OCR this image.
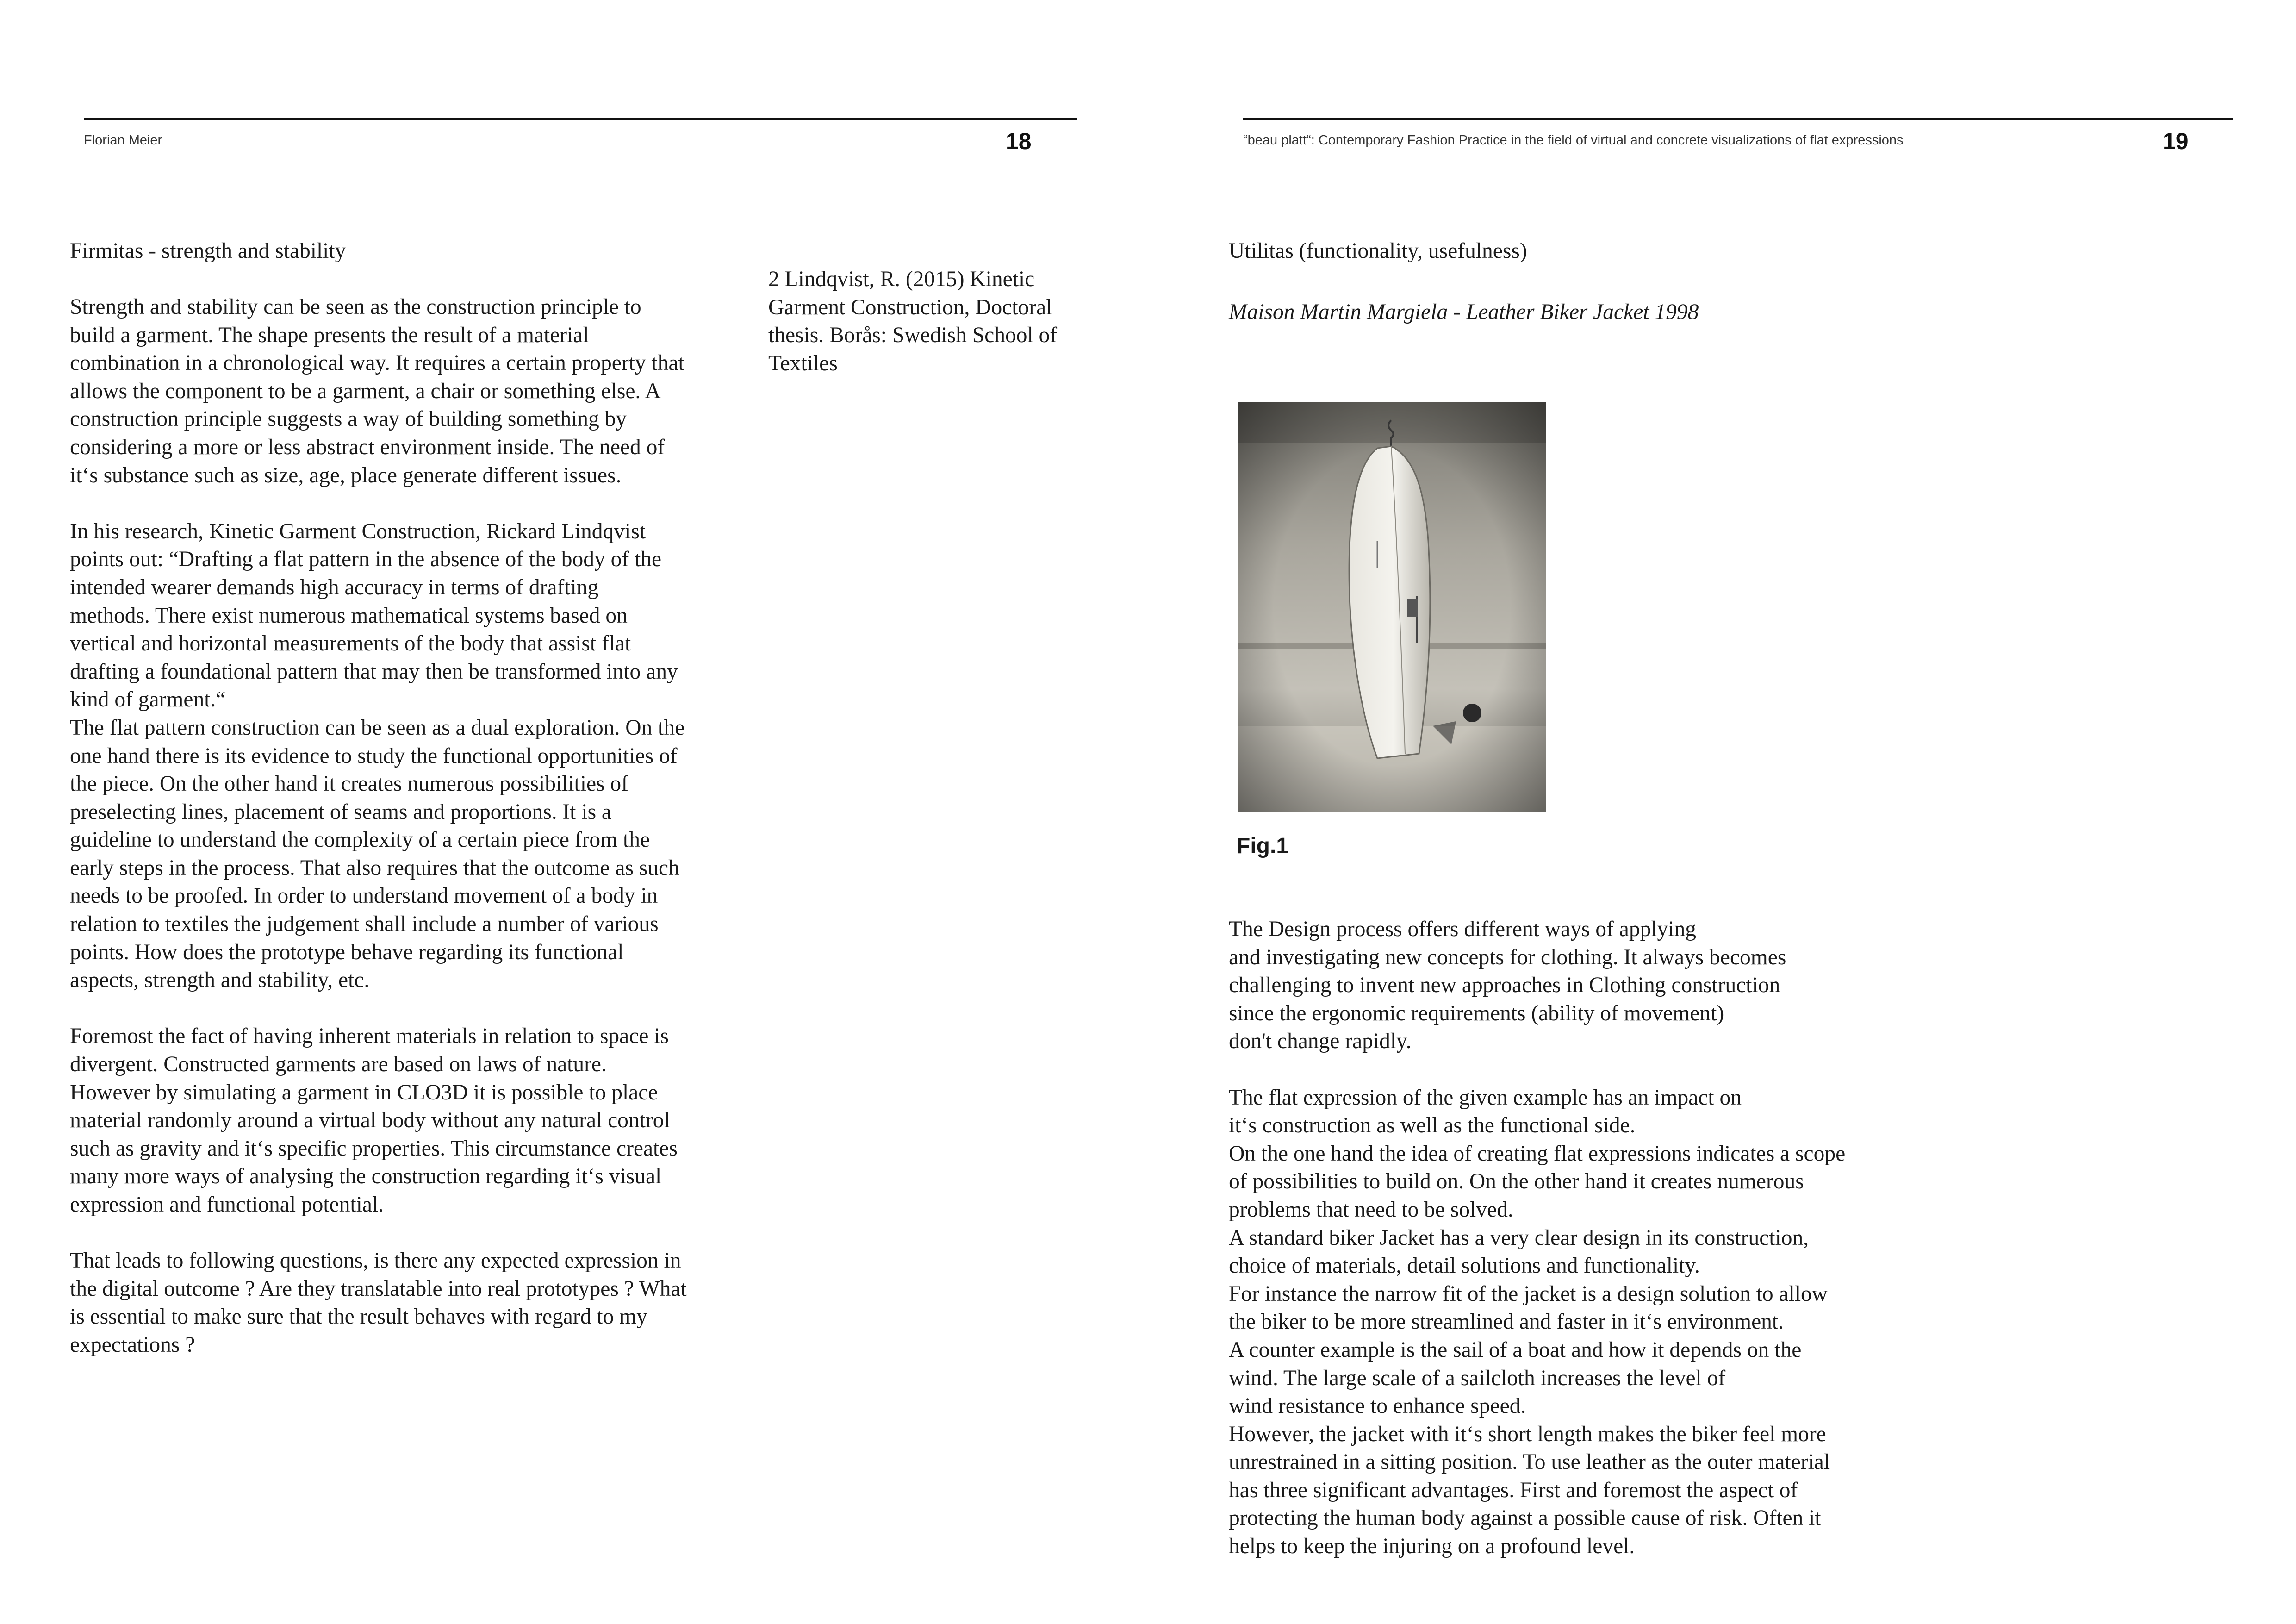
Florian Meier	18
Firmitas - strength and stability

Strength and stability can be seen as the construction principle to
build a garment. The shape presents the result of a material
combination in a chronological way. It requires a certain property that
allows the component to be a garment, a chair or something else. A
construction principle suggests a way of building something by
considering a more or less abstract environment inside. The need of
it‘s substance such as size, age, place generate different issues.

In his research, Kinetic Garment Construction, Rickard Lindqvist
points out: “Drafting a flat pattern in the absence of the body of the
intended wearer demands high accuracy in terms of drafting
methods. There exist numerous mathematical systems based on
vertical and horizontal measurements of the body that assist flat
drafting a foundational pattern that may then be transformed into any
kind of garment.“
The flat pattern construction can be seen as a dual exploration. On the
one hand there is its evidence to study the functional opportunities of
the piece. On the other hand it creates numerous possibilities of
preselecting lines, placement of seams and proportions. It is a
guideline to understand the complexity of a certain piece from the
early steps in the process. That also requires that the outcome as such
needs to be proofed. In order to understand movement of a body in
relation to textiles the judgement shall include a number of various
points. How does the prototype behave regarding its functional
aspects, strength and stability, etc.

Foremost the fact of having inherent materials in relation to space is
divergent. Constructed garments are based on laws of nature.
However by simulating a garment in CLO3D it is possible to place
material randomly around a virtual body without any natural control
such as gravity and it‘s specific properties. This circumstance creates
many more ways of analysing the construction regarding it‘s visual
expression and functional potential.

That leads to following questions, is there any expected expression in
the digital outcome ? Are they translatable into real prototypes ? What
is essential to make sure that the result behaves with regard to my
expectations ?

2 Lindqvist, R. (2015) Kinetic
Garment Construction, Doctoral
thesis. Borås: Swedish School of
Textiles
“beau platt“: Contemporary Fashion Practice in the field of virtual and concrete visualizations of flat expressions	19
Utilitas (functionality, usefulness)
Maison Martin Margiela - Leather Biker Jacket 1998
Fig.1

The Design process offers different ways of applying
and investigating new concepts for clothing. It always becomes
challenging to invent new approaches in Clothing construction
since the ergonomic requirements (ability of movement)
don't change rapidly.

The flat expression of the given example has an impact on
it‘s construction as well as the functional side.
On the one hand the idea of creating flat expressions indicates a scope
of possibilities to build on. On the other hand it creates numerous
problems that need to be solved.
A standard biker Jacket has a very clear design in its construction,
choice of materials, detail solutions and functionality.
For instance the narrow fit of the jacket is a design solution to allow
the biker to be more streamlined and faster in it‘s environment.
A counter example is the sail of a boat and how it depends on the
wind. The large scale of a sailcloth increases the level of
wind resistance to enhance speed.
However, the jacket with it‘s short length makes the biker feel more
unrestrained in a sitting position. To use leather as the outer material
has three significant advantages. First and foremost the aspect of
protecting the human body against a possible cause of risk. Often it
helps to keep the injuring on a profound level.
